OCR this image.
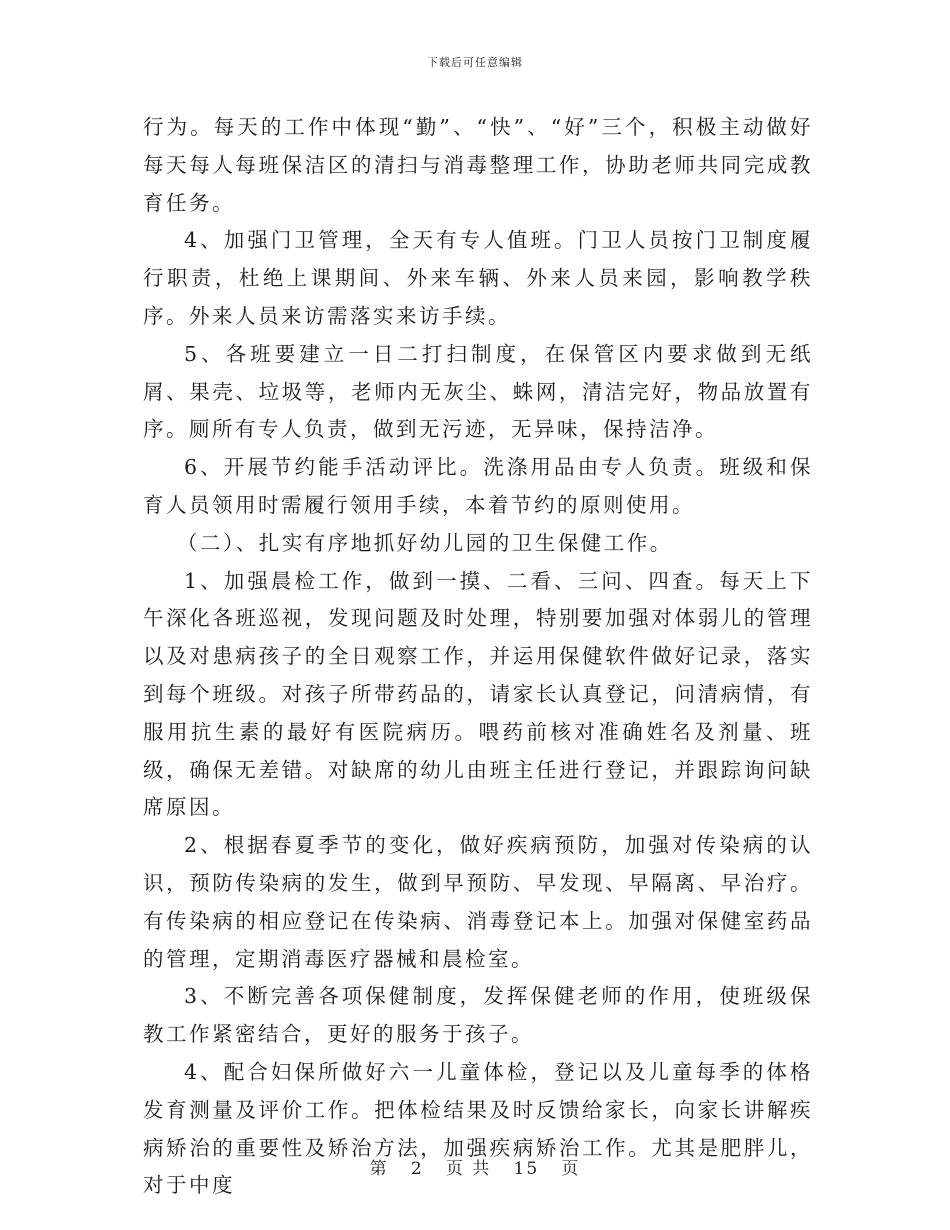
下载后可任意编辑

行为。每天的工作中体现“勤”、“快”、“好”三个，积极主动做好每天每人每班保洁区的清扫与消毒整理工作，协助老师共同完成教育任务。

4、加强门卫管理，全天有专人值班。门卫人员按门卫制度履行职责，杜绝上课期间、外来车辆、外来人员来园，影响教学秩序。外来人员来访需落实来访手续。

5、各班要建立一日二打扫制度，在保管区内要求做到无纸屑、果壳、垃圾等，老师内无灰尘、蛛网，清洁完好，物品放置有序。厕所有专人负责，做到无污迹，无异味，保持洁净。

6、开展节约能手活动评比。洗涤用品由专人负责。班级和保育人员领用时需履行领用手续，本着节约的原则使用。

（二）、扎实有序地抓好幼儿园的卫生保健工作。

1、加强晨检工作，做到一摸、二看、三问、四査。每天上下午深化各班巡视，发现问题及时处理，特别要加强对体弱儿的管理以及对患病孩子的全日观察工作，并运用保健软件做好记录，落实到每个班级。对孩子所带药品的，请家长认真登记，问清病情，有服用抗生素的最好有医院病历。喂药前核对准确姓名及剂量、班级，确保无差错。对缺席的幼儿由班主任进行登记，并跟踪询问缺席原因。

2、根据春夏季节的变化，做好疾病预防，加强对传染病的认识，预防传染病的发生，做到早预防、早发现、早隔离、早治疗。有传染病的相应登记在传染病、消毒登记本上。加强对保健室药品的管理，定期消毒医疗器械和晨检室。

3、不断完善各项保健制度，发挥保健老师的作用，使班级保教工作紧密结合，更好的服务于孩子。

4、配合妇保所做好六一儿童体检，登记以及儿童每季的体格发育测量及评价工作。把体检结果及时反馈给家长，向家长讲解疾病矫治的重要性及矫治方法，加强疾病矫治工作。尤其是肥胖儿，对于中度

第 2 页 共 15 页
